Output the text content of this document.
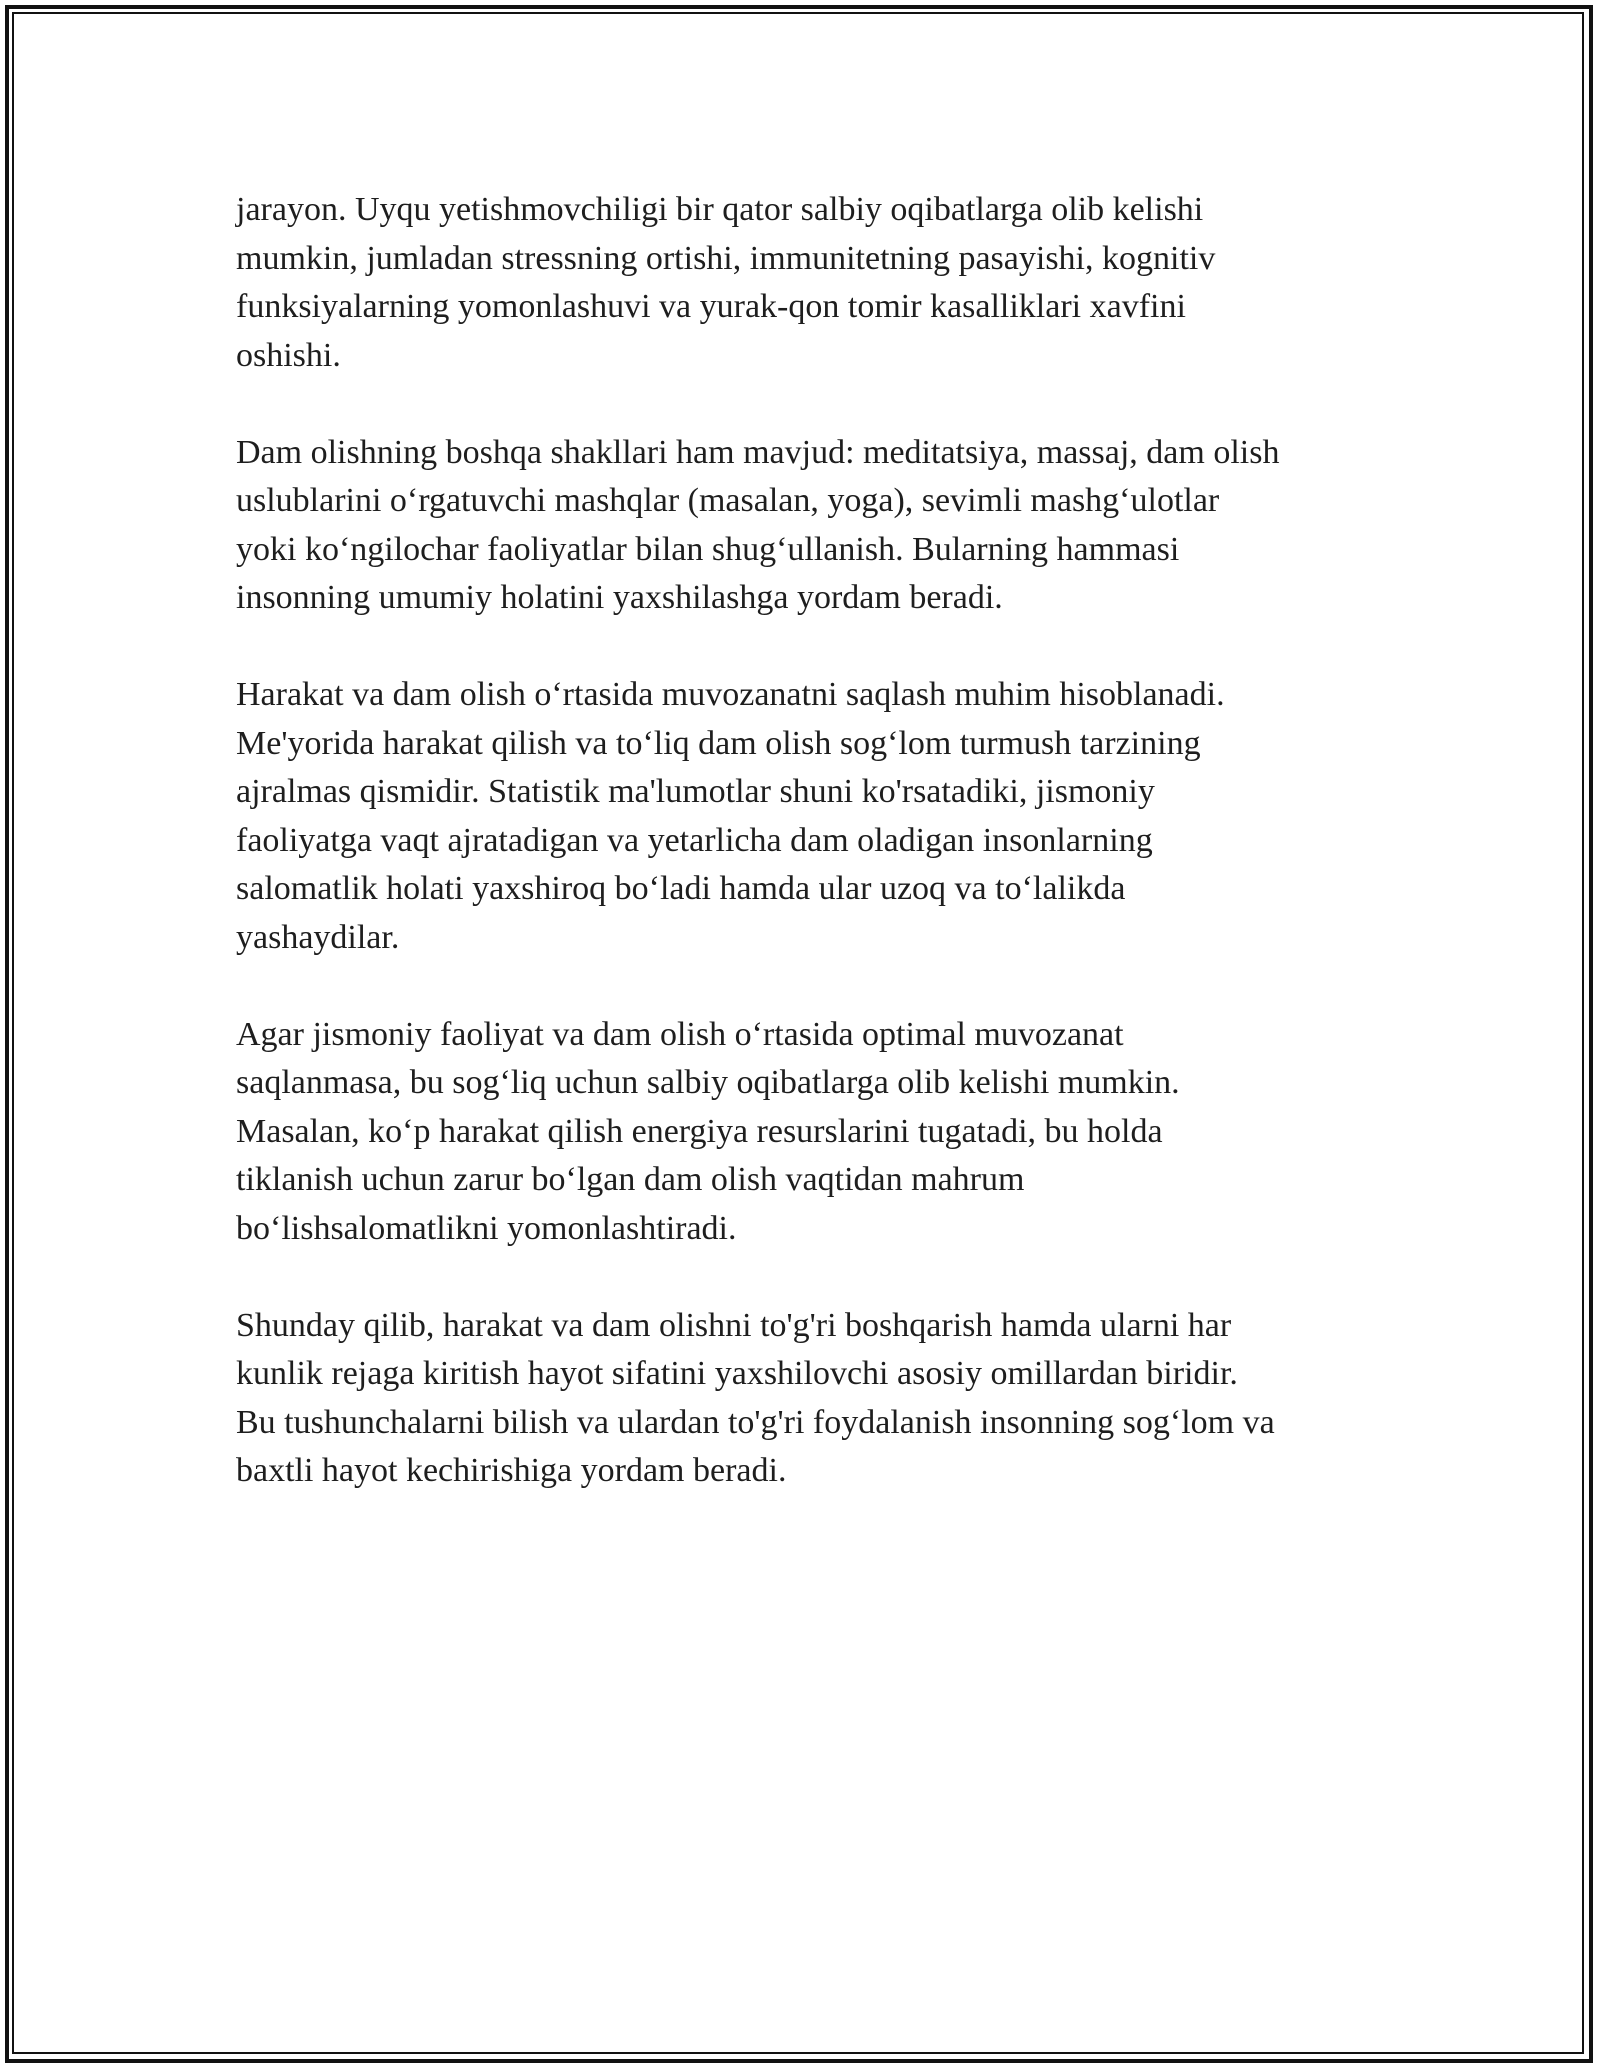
jarayon. Uyqu yetishmovchiligi bir qator salbiy oqibatlarga olib kelishi
mumkin, jumladan stressning ortishi, immunitetning pasayishi, kognitiv
funksiyalarning yomonlashuvi va yurak-qon tomir kasalliklari xavfini
oshishi.

Dam olishning boshqa shakllari ham mavjud: meditatsiya, massaj, dam olish
uslublarini o‘rgatuvchi mashqlar (masalan, yoga), sevimli mashg‘ulotlar
yoki ko‘ngilochar faoliyatlar bilan shug‘ullanish. Bularning hammasi
insonning umumiy holatini yaxshilashga yordam beradi.

Harakat va dam olish o‘rtasida muvozanatni saqlash muhim hisoblanadi.
Me'yorida harakat qilish va to‘liq dam olish sog‘lom turmush tarzining
ajralmas qismidir. Statistik ma'lumotlar shuni ko'rsatadiki, jismoniy
faoliyatga vaqt ajratadigan va yetarlicha dam oladigan insonlarning
salomatlik holati yaxshiroq bo‘ladi hamda ular uzoq va to‘lalikda
yashaydilar.

Agar jismoniy faoliyat va dam olish o‘rtasida optimal muvozanat
saqlanmasa, bu sog‘liq uchun salbiy oqibatlarga olib kelishi mumkin.
Masalan, ko‘p harakat qilish energiya resurslarini tugatadi, bu holda
tiklanish uchun zarur bo‘lgan dam olish vaqtidan mahrum
bo‘lishsalomatlikni yomonlashtiradi.

Shunday qilib, harakat va dam olishni to'g'ri boshqarish hamda ularni har
kunlik rejaga kiritish hayot sifatini yaxshilovchi asosiy omillardan biridir.
Bu tushunchalarni bilish va ulardan to'g'ri foydalanish insonning sog‘lom va
baxtli hayot kechirishiga yordam beradi.
